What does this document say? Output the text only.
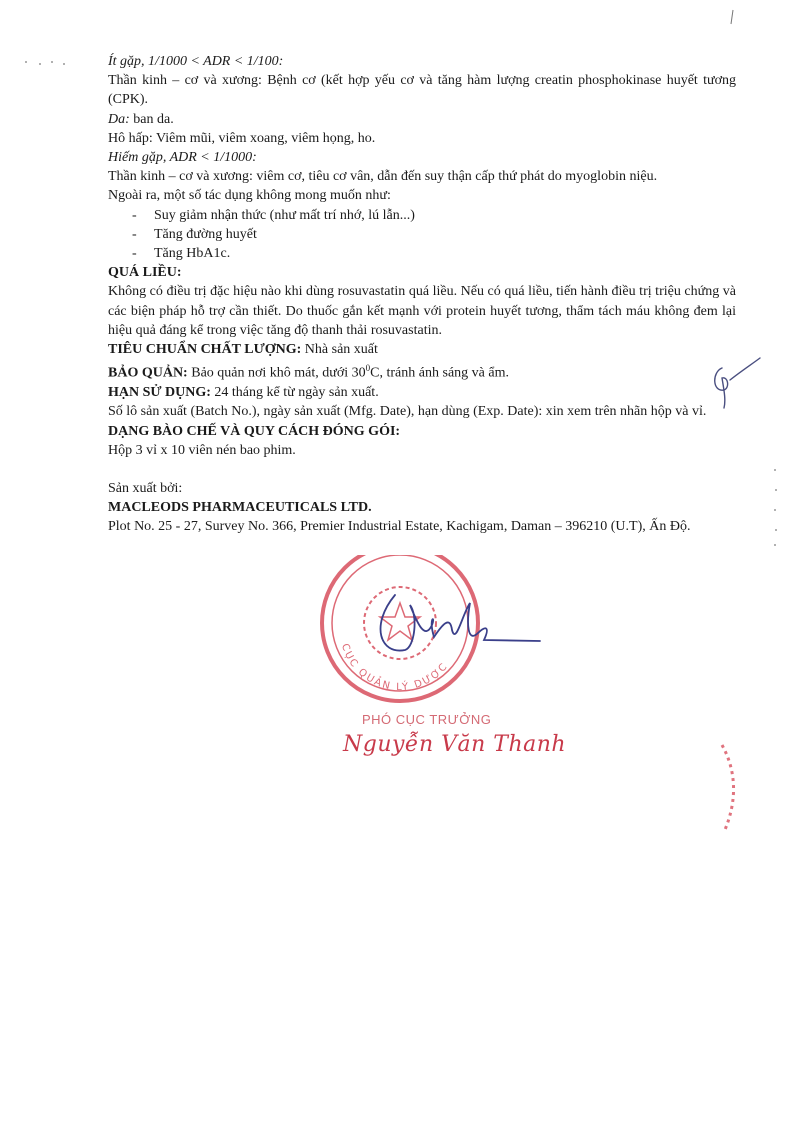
Ít gặp, 1/1000 < ADR < 1/100:

Thần kinh – cơ và xương: Bệnh cơ (kết hợp yếu cơ và tăng hàm lượng creatin phosphokinase huyết tương (CPK).

Da: ban da.

Hô hấp: Viêm mũi, viêm xoang, viêm họng, ho.

Hiếm gặp, ADR < 1/1000:

Thần kinh – cơ và xương: viêm cơ, tiêu cơ vân, dẫn đến suy thận cấp thứ phát do myoglobin niệu.

Ngoài ra, một số tác dụng không mong muốn như:

- Suy giảm nhận thức (như mất trí nhớ, lú lẫn...)
- Tăng đường huyết
- Tăng HbA1c.

QUÁ LIỀU:

Không có điều trị đặc hiệu nào khi dùng rosuvastatin quá liều. Nếu có quá liều, tiến hành điều trị triệu chứng và các biện pháp hỗ trợ cần thiết. Do thuốc gắn kết mạnh với protein huyết tương, thẩm tách máu không đem lại hiệu quả đáng kể trong việc tăng độ thanh thải rosuvastatin.

TIÊU CHUẨN CHẤT LƯỢNG: Nhà sản xuất

BẢO QUẢN: Bảo quản nơi khô mát, dưới $30^0C$, tránh ánh sáng và ẩm.

HẠN SỬ DỤNG: 24 tháng kể từ ngày sản xuất.

Số lô sản xuất (Batch No.), ngày sản xuất (Mfg. Date), hạn dùng (Exp. Date): xin xem trên nhãn hộp và vỉ.

DẠNG BÀO CHẾ VÀ QUY CÁCH ĐÓNG GÓI:

Hộp 3 vỉ x 10 viên nén bao phim.

Sản xuất bởi:

MACLEODS PHARMACEUTICALS LTD.

Plot No. 25 - 27, Survey No. 366, Premier Industrial Estate, Kachigam, Daman – 396210 (U.T), Ấn Độ.

CỤC QUẢN LÝ DƯỢC
PHÓ CỤC TRƯỞNG
Nguyễn Văn Thanh
